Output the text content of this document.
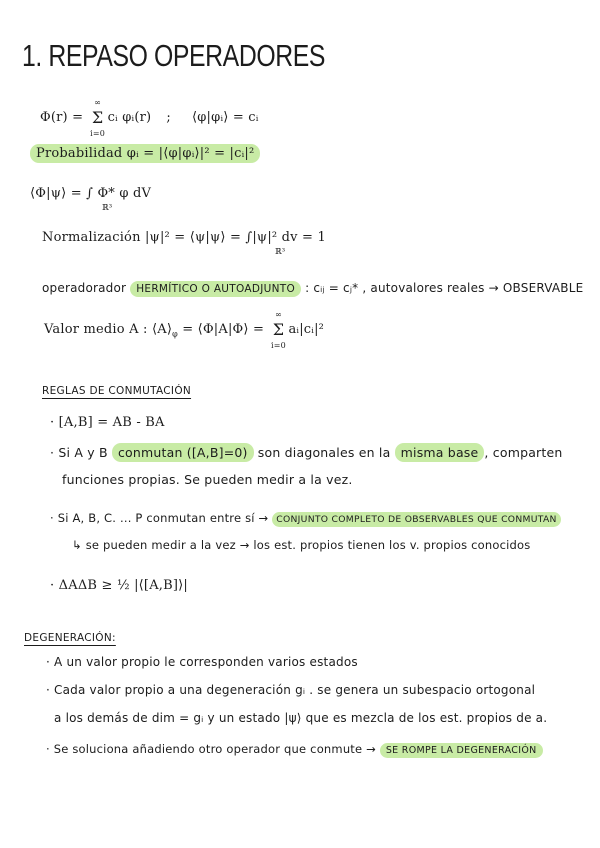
1. REPASO OPERADORES
Φ(r) =
∞
Σ
i=0
cᵢ φᵢ(r) ; ⟨φ|φᵢ⟩ = cᵢ
Probabilidad φᵢ = |⟨φ|φᵢ⟩|² = |cᵢ|²
⟨Φ|ψ⟩ = ∫ Φ* φ dV
ℝ³
Normalización |ψ|² = ⟨ψ|ψ⟩ = ∫|ψ|² dv = 1
ℝ³
operadorador HERMÍTICO O AUTOADJUNTO : cᵢⱼ = cⱼ* , autovalores reales → OBSERVABLE
Valor medio A : $⟨A⟩_\varphi$ = ⟨Φ|A|Φ⟩ =
∞
Σ
i=0
aᵢ|cᵢ|²
REGLAS DE CONMUTACIÓN
· [A,B] = AB - BA
· Si A y B conmutan ([A,B]=0) son diagonales en la misma base , comparten
funciones propias. Se pueden medir a la vez.
· Si A, B, C. ... P conmutan entre sí → CONJUNTO COMPLETO DE OBSERVABLES QUE CONMUTAN
↳ se pueden medir a la vez → los est. propios tienen los v. propios conocidos
· ΔAΔB ≥ ½ |⟨[A,B]⟩|
DEGENERACIÓN:
· A un valor propio le corresponden varios estados
· Cada valor propio a una degeneración gᵢ . se genera un subespacio ortogonal
a los demás de dim = gᵢ y un estado |ψ⟩ que es mezcla de los est. propios de a.
· Se soluciona añadiendo otro operador que conmute → SE ROMPE LA DEGENERACIÓN
